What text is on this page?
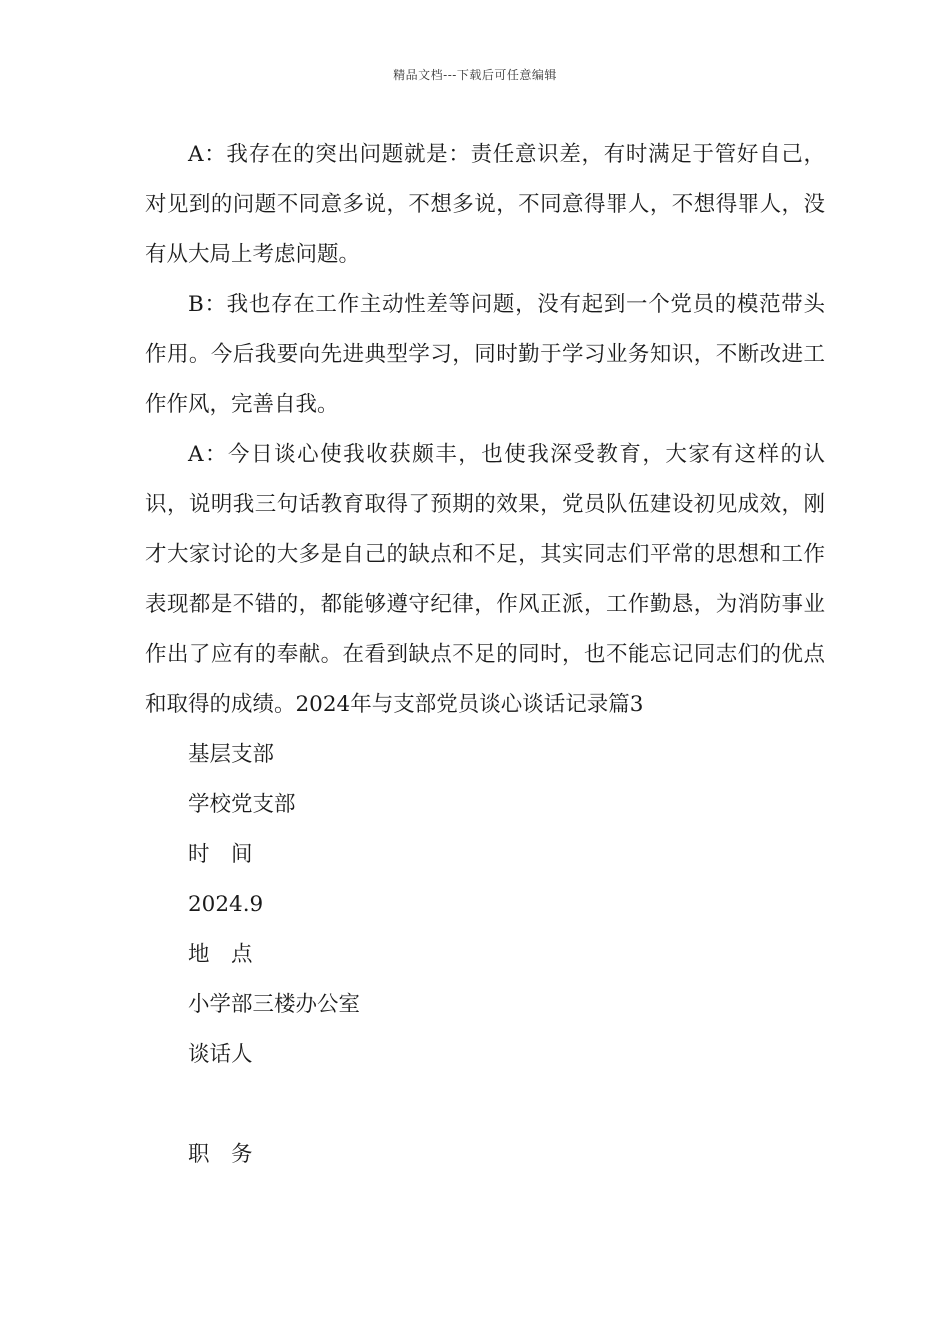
精品文档---下载后可任意编辑

A：我存在的突出问题就是：责任意识差，有时满足于管好自己，对见到的问题不同意多说，不想多说，不同意得罪人，不想得罪人，没有从大局上考虑问题。

B：我也存在工作主动性差等问题，没有起到一个党员的模范带头作用。今后我要向先进典型学习，同时勤于学习业务知识，不断改进工作作风，完善自我。

A：今日谈心使我收获颇丰，也使我深受教育，大家有这样的认识，说明我三句话教育取得了预期的效果，党员队伍建设初见成效，刚才大家讨论的大多是自己的缺点和不足，其实同志们平常的思想和工作表现都是不错的，都能够遵守纪律，作风正派，工作勤恳，为消防事业作出了应有的奉献。在看到缺点不足的同时，也不能忘记同志们的优点和取得的成绩。2024年与支部党员谈心谈话记录篇3

基层支部
学校党支部
时　间
2024.9
地　点
小学部三楼办公室
谈话人
职　务
